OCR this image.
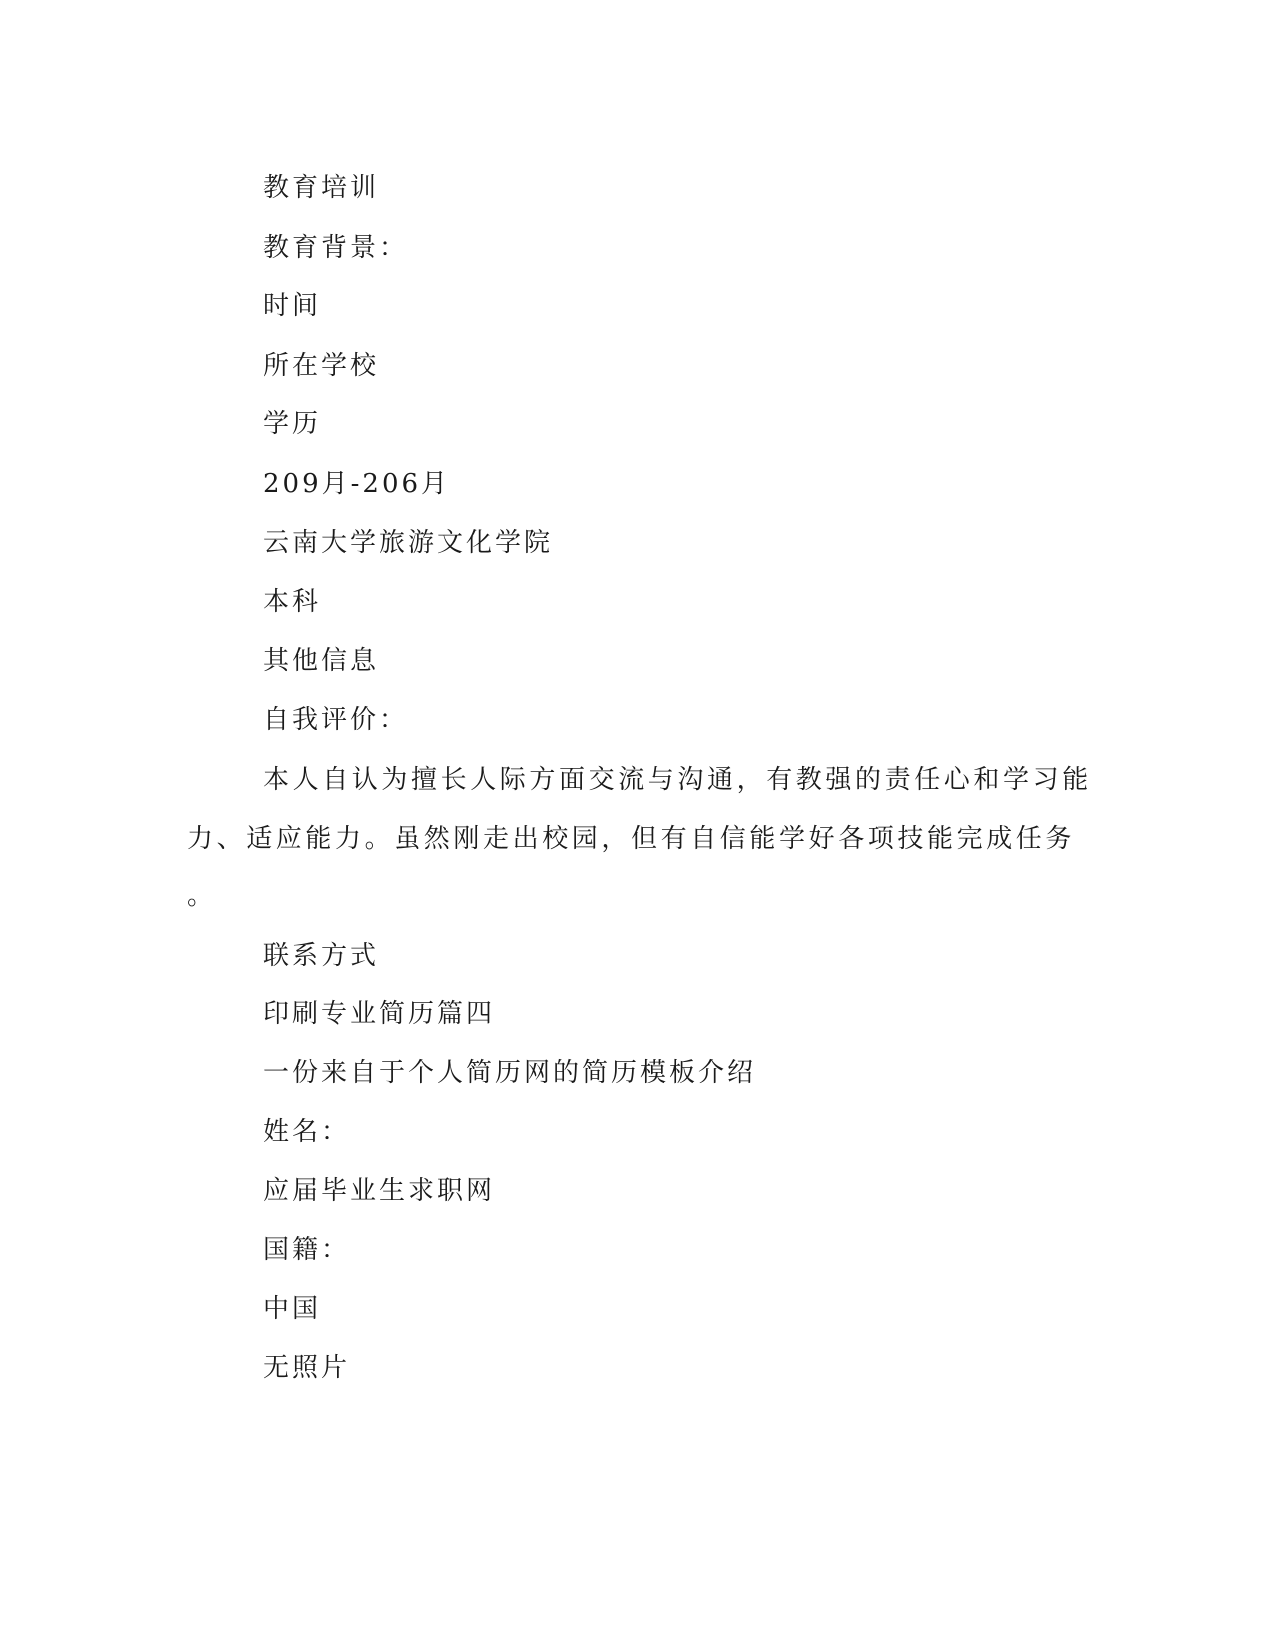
教育培训
教育背景：
时间
所在学校
学历
209月-206月
云南大学旅游文化学院
本科
其他信息
自我评价：
本人自认为擅长人际方面交流与沟通，有教强的责任心和学习能
力、适应能力。虽然刚走出校园，但有自信能学好各项技能完成任务
。
联系方式
印刷专业简历篇四
一份来自于个人简历网的简历模板介绍
姓名：
应届毕业生求职网
国籍：
中国
无照片
